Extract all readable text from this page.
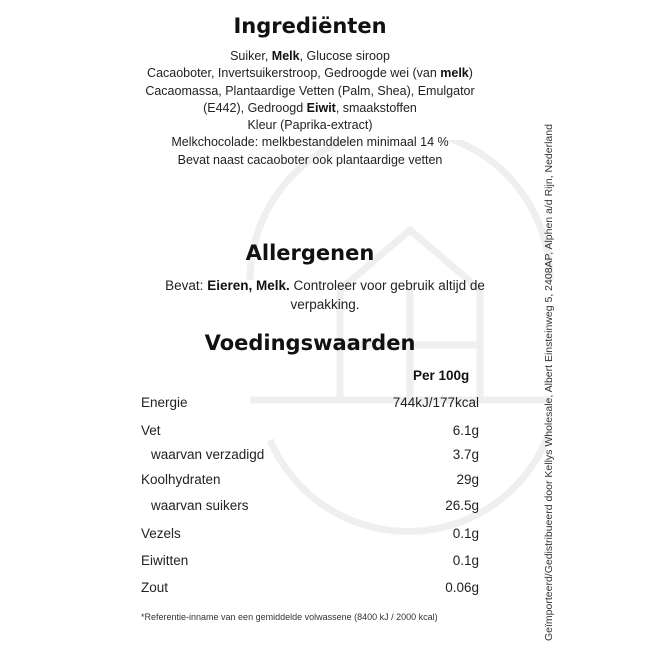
Ingrediënten
Suiker, Melk, Glucose siroop
Cacaoboter, Invertsuikerstroop, Gedroogde wei (van melk)
Cacaomassa, Plantaardige Vetten (Palm, Shea), Emulgator
(E442), Gedroogd Eiwit, smaakstoffen
Kleur (Paprika-extract)
Melkchocolade: melkbestanddelen minimaal 14 %
Bevat naast cacaoboter ook plantaardige vetten
Allergenen
Bevat: Eieren, Melk. Controleer voor gebruik altijd de verpakking.
Voedingswaarden
Per 100g
Energie	744kJ/177kcal
Vet	6.1g
waarvan verzadigd	3.7g
Koolhydraten	29g
waarvan suikers	26.5g
Vezels	0.1g
Eiwitten	0.1g
Zout	0.06g
*Referentie-inname van een gemiddelde volwassene (8400 kJ / 2000 kcal)	Geïmporteerd/Gedistribueerd door Kellys Wholesale, Albert Einsteinweg 5, 2408AP, Alphen a/d Rijn, Nederland
